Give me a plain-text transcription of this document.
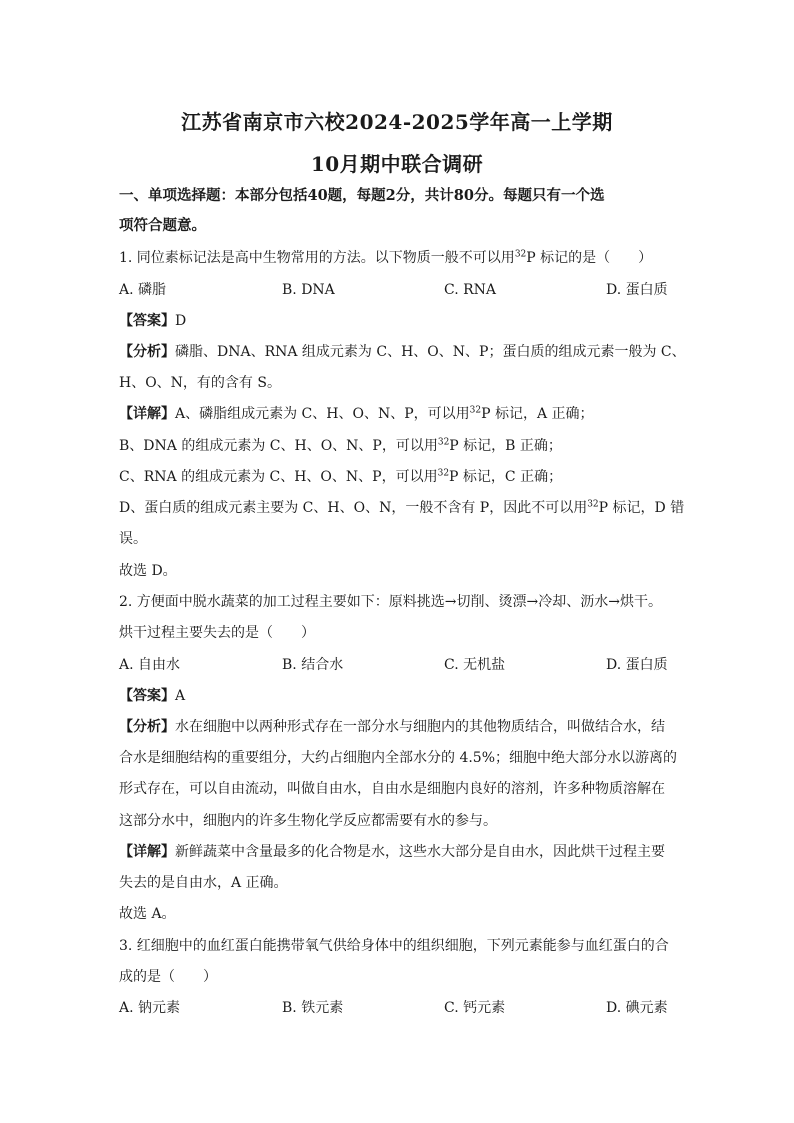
江苏省南京市六校2024-2025学年高一上学期
10月期中联合调研
一、单项选择题：本部分包括40题，每题2分，共计80分。每题只有一个选
项符合题意。
1. 同位素标记法是高中生物常用的方法。以下物质一般不可以用$^{32}$P 标记的是（　　）
A. 磷脂	B. DNA	C. RNA	D. 蛋白质
【答案】D
【分析】磷脂、DNA、RNA 组成元素为 C、H、O、N、P；蛋白质的组成元素一般为 C、
H、O、N，有的含有 S。
【详解】A、磷脂组成元素为 C、H、O、N、P，可以用$^{32}$P 标记，A 正确；
B、DNA 的组成元素为 C、H、O、N、P，可以用$^{32}$P 标记，B 正确；
C、RNA 的组成元素为 C、H、O、N、P，可以用$^{32}$P 标记，C 正确；
D、蛋白质的组成元素主要为 C、H、O、N，一般不含有 P，因此不可以用$^{32}$P 标记，D 错
误。
故选 D。
2. 方便面中脱水蔬菜的加工过程主要如下：原料挑选→切削、烫漂→冷却、沥水→烘干。
烘干过程主要失去的是（　　）
A. 自由水	B. 结合水	C. 无机盐	D. 蛋白质
【答案】A
【分析】水在细胞中以两种形式存在一部分水与细胞内的其他物质结合，叫做结合水，结
合水是细胞结构的重要组分，大约占细胞内全部水分的 4.5%；细胞中绝大部分水以游离的
形式存在，可以自由流动，叫做自由水，自由水是细胞内良好的溶剂，许多种物质溶解在
这部分水中，细胞内的许多生物化学反应都需要有水的参与。
【详解】新鲜蔬菜中含量最多的化合物是水，这些水大部分是自由水，因此烘干过程主要
失去的是自由水，A 正确。
故选 A。
3. 红细胞中的血红蛋白能携带氧气供给身体中的组织细胞，下列元素能参与血红蛋白的合
成的是（　　）
A. 钠元素	B. 铁元素	C. 钙元素	D. 碘元素
